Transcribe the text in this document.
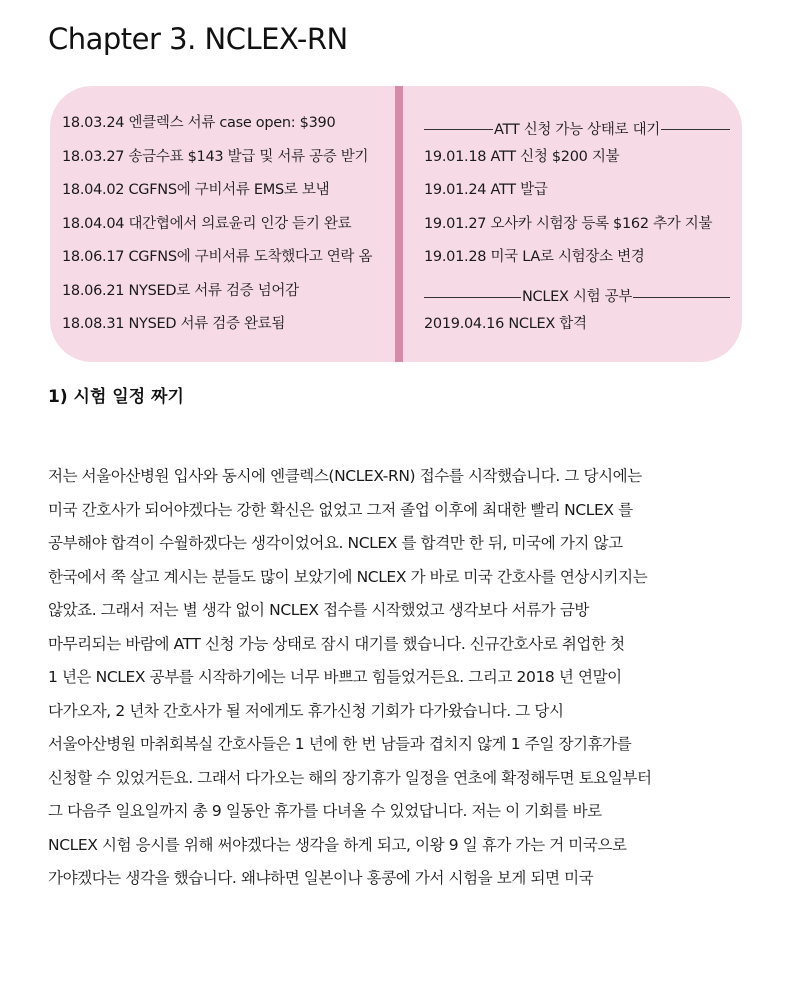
Chapter 3. NCLEX-RN
18.03.24 엔클렉스 서류 case open: $390
18.03.27 송금수표 $143 발급 및 서류 공증 받기
18.04.02 CGFNS에 구비서류 EMS로 보냄
18.04.04 대간협에서 의료윤리 인강 듣기 완료
18.06.17 CGFNS에 구비서류 도착했다고 연락 옴
18.06.21 NYSED로 서류 검증 넘어감
18.08.31 NYSED 서류 검증 완료됨
ATT 신청 가능 상태로 대기
19.01.18 ATT 신청 $200 지불
19.01.24 ATT 발급
19.01.27 오사카 시험장 등록 $162 추가 지불
19.01.28 미국 LA로 시험장소 변경
NCLEX 시험 공부
2019.04.16 NCLEX 합격
1) 시험 일정 짜기

저는 서울아산병원 입사와 동시에 엔클렉스(NCLEX-RN) 접수를 시작했습니다. 그 당시에는
미국 간호사가 되어야겠다는 강한 확신은 없었고 그저 졸업 이후에 최대한 빨리 NCLEX 를
공부해야 합격이 수월하겠다는 생각이었어요. NCLEX 를 합격만 한 뒤, 미국에 가지 않고
한국에서 쭉 살고 계시는 분들도 많이 보았기에 NCLEX 가 바로 미국 간호사를 연상시키지는
않았죠. 그래서 저는 별 생각 없이 NCLEX 접수를 시작했었고 생각보다 서류가 금방
마무리되는 바람에 ATT 신청 가능 상태로 잠시 대기를 했습니다. 신규간호사로 취업한 첫
1 년은 NCLEX 공부를 시작하기에는 너무 바쁘고 힘들었거든요. 그리고 2018 년 연말이
다가오자, 2 년차 간호사가 될 저에게도 휴가신청 기회가 다가왔습니다. 그 당시
서울아산병원 마취회복실 간호사들은 1 년에 한 번 남들과 겹치지 않게 1 주일 장기휴가를
신청할 수 있었거든요. 그래서 다가오는 해의 장기휴가 일정을 연초에 확정해두면 토요일부터
그 다음주 일요일까지 총 9 일동안 휴가를 다녀올 수 있었답니다. 저는 이 기회를 바로
NCLEX 시험 응시를 위해 써야겠다는 생각을 하게 되고, 이왕 9 일 휴가 가는 거 미국으로
가야겠다는 생각을 했습니다. 왜냐하면 일본이나 홍콩에 가서 시험을 보게 되면 미국
